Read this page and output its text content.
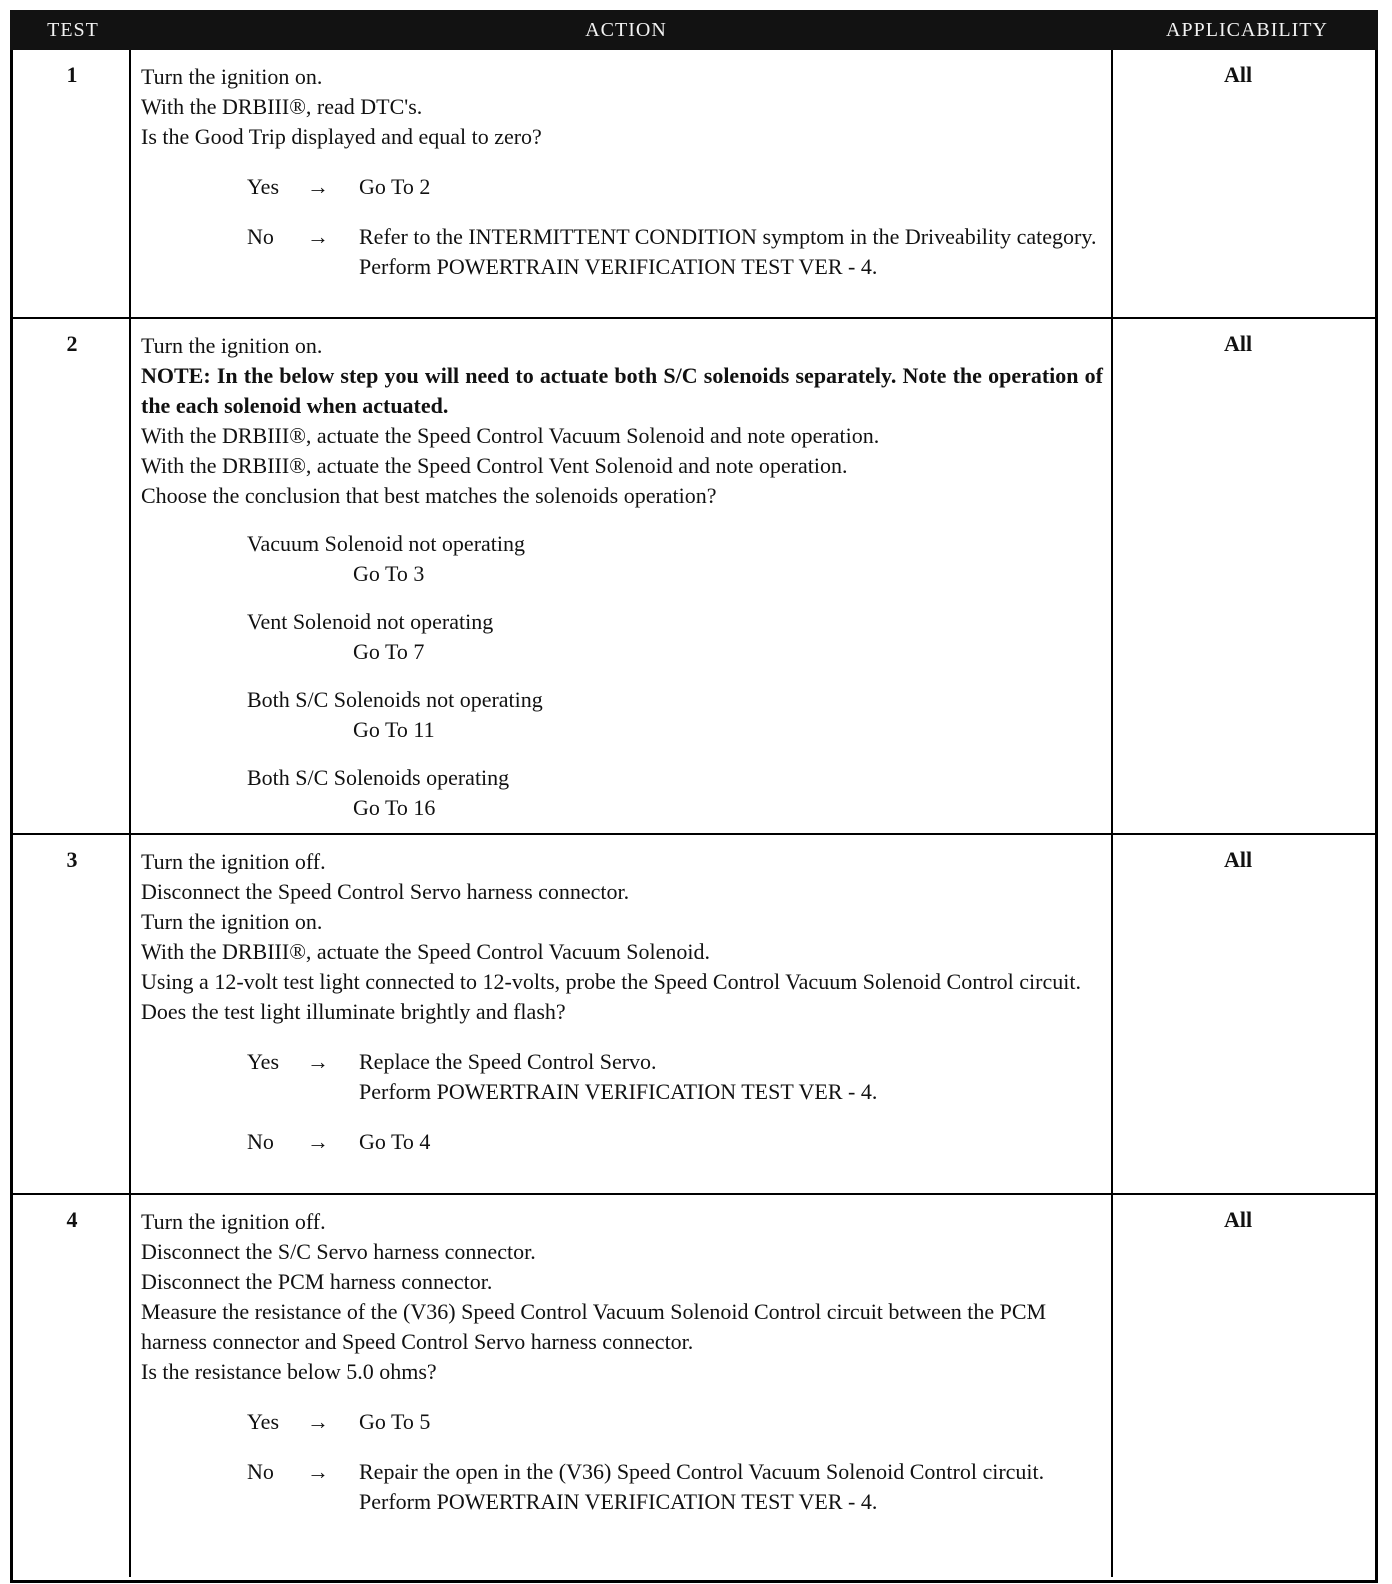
TEST	ACTION	APPLICABILITY
1	Turn the ignition on.
With the DRBIII®, read DTC's.
Is the Good Trip displayed and equal to zero?
Yes → Go To 2
No → Refer to the INTERMITTENT CONDITION symptom in the Driveability category.
Perform POWERTRAIN VERIFICATION TEST VER - 4.
All
2	Turn the ignition on.
NOTE: In the below step you will need to actuate both S/C solenoids separately. Note the operation of the each solenoid when actuated.
With the DRBIII®, actuate the Speed Control Vacuum Solenoid and note operation.
With the DRBIII®, actuate the Speed Control Vent Solenoid and note operation.
Choose the conclusion that best matches the solenoids operation?
Vacuum Solenoid not operating
Go To 3
Vent Solenoid not operating
Go To 7
Both S/C Solenoids not operating
Go To 11
Both S/C Solenoids operating
Go To 16
All
3	Turn the ignition off.
Disconnect the Speed Control Servo harness connector.
Turn the ignition on.
With the DRBIII®, actuate the Speed Control Vacuum Solenoid.
Using a 12-volt test light connected to 12-volts, probe the Speed Control Vacuum Solenoid Control circuit.
Does the test light illuminate brightly and flash?
Yes → Replace the Speed Control Servo.
Perform POWERTRAIN VERIFICATION TEST VER - 4.
No → Go To 4
All
4	Turn the ignition off.
Disconnect the S/C Servo harness connector.
Disconnect the PCM harness connector.
Measure the resistance of the (V36) Speed Control Vacuum Solenoid Control circuit between the PCM harness connector and Speed Control Servo harness connector.
Is the resistance below 5.0 ohms?
Yes → Go To 5
No → Repair the open in the (V36) Speed Control Vacuum Solenoid Control circuit.
Perform POWERTRAIN VERIFICATION TEST VER - 4.
All
